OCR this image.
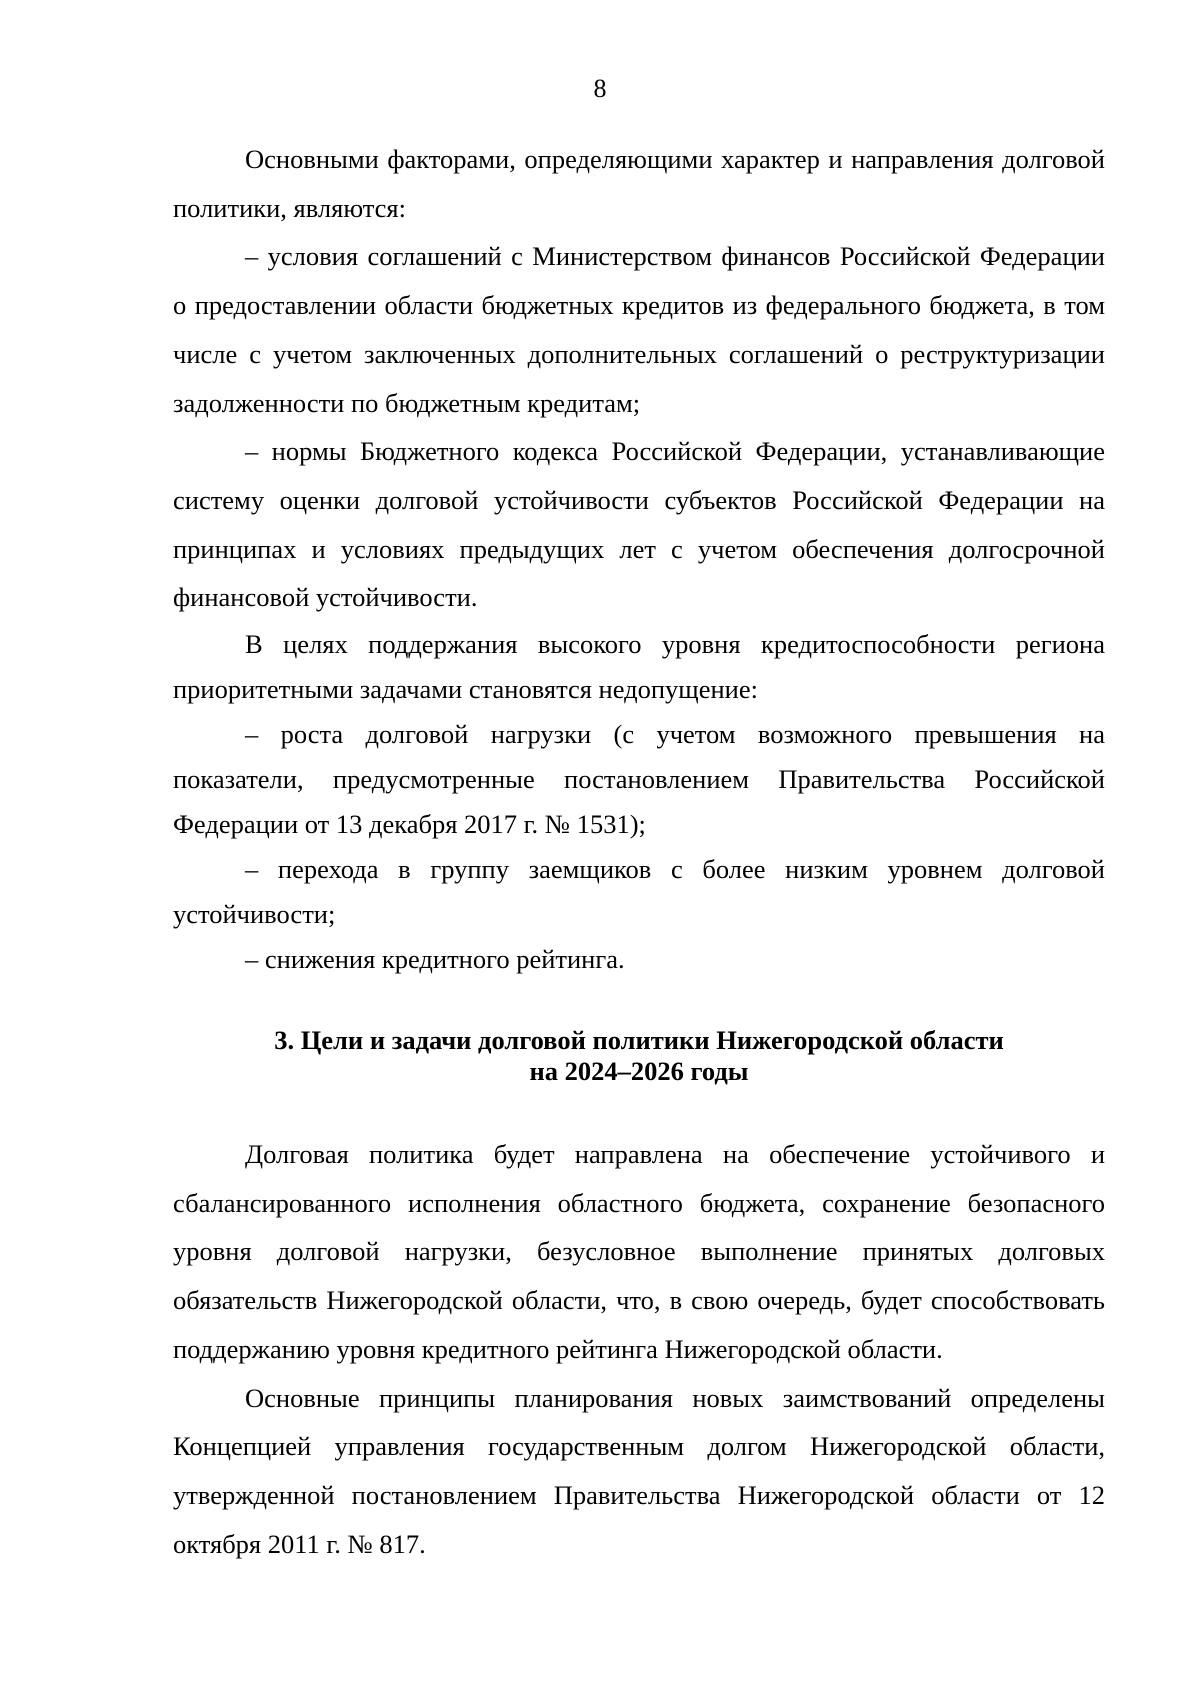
8

Основными факторами, определяющими характер и направления долговой политики, являются:

– условия соглашений с Министерством финансов Российской Федерации о предоставлении области бюджетных кредитов из федерального бюджета, в том числе с учетом заключенных дополнительных соглашений о реструктуризации задолженности по бюджетным кредитам;

– нормы Бюджетного кодекса Российской Федерации, устанавливающие систему оценки долговой устойчивости субъектов Российской Федерации на принципах и условиях предыдущих лет с учетом обеспечения долгосрочной финансовой устойчивости.

В целях поддержания высокого уровня кредитоспособности региона приоритетными задачами становятся недопущение:

– роста долговой нагрузки (с учетом возможного превышения на показатели, предусмотренные постановлением Правительства Российской Федерации от 13 декабря 2017 г. № 1531);

– перехода в группу заемщиков с более низким уровнем долговой устойчивости;

– снижения кредитного рейтинга.

3. Цели и задачи долговой политики Нижегородской области
на 2024–2026 годы

Долговая политика будет направлена на обеспечение устойчивого и сбалансированного исполнения областного бюджета, сохранение безопасного уровня долговой нагрузки, безусловное выполнение принятых долговых обязательств Нижегородской области, что, в свою очередь, будет способствовать поддержанию уровня кредитного рейтинга Нижегородской области.

Основные принципы планирования новых заимствований определены Концепцией управления государственным долгом Нижегородской области, утвержденной постановлением Правительства Нижегородской области от 12 октября 2011 г. № 817.
